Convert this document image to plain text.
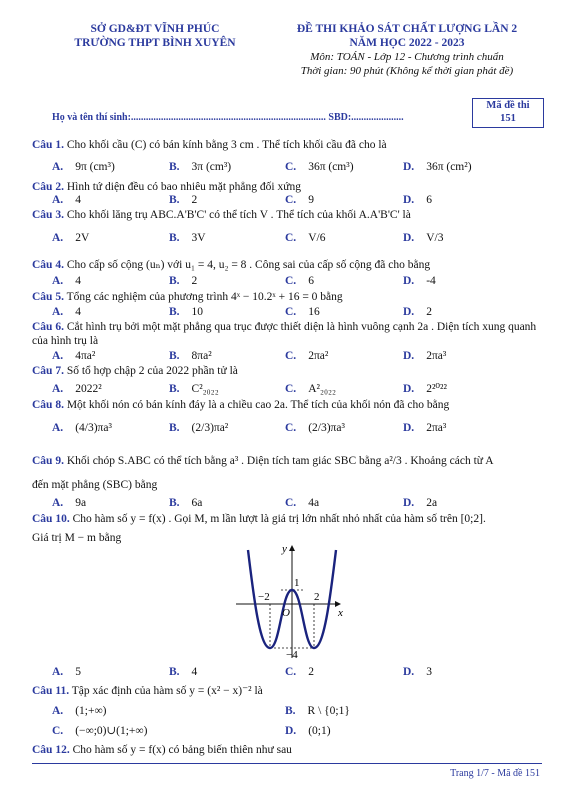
SỞ GD&ĐT VĨNH PHÚC
TRƯỜNG THPT BÌNH XUYÊN
ĐỀ THI KHẢO SÁT CHẤT LƯỢNG LẦN 2
NĂM HỌC 2022 - 2023
Môn: TOÁN - Lớp 12 - Chương trình chuẩn
Thời gian: 90 phút (Không kể thời gian phát đề)
Họ và tên thí sinh:.............................................................................. SBD:.....................
Mã đề thi
151
Câu 1. Cho khối cầu (C) có bán kính bằng 3 cm . Thể tích khối cầu đã cho là
A. 9π (cm³)	B. 3π (cm³)	C. 36π (cm³)	D. 36π (cm²)
Câu 2. Hình tứ diện đều có bao nhiêu mặt phẳng đối xứng
A. 4	B. 2	C. 9	D. 6
Câu 3. Cho khối lăng trụ ABC.A'B'C' có thể tích V . Thể tích của khối A.A'B'C' là
A. 2V	B. 3V	C. V/6	D. V/3
Câu 4. Cho cấp số cộng (uₙ) với u₁ = 4, u₂ = 8 . Công sai của cấp số cộng đã cho bằng
A. 4	B. 2	C. 6	D. -4
Câu 5. Tổng các nghiệm của phương trình 4ˣ − 10.2ˣ + 16 = 0 bằng
A. 4	B. 10	C. 16	D. 2
Câu 6. Cắt hình trụ bởi một mặt phẳng qua trục được thiết diện là hình vuông cạnh 2a . Diện tích xung quanh của hình trụ là
A. 4πa²	B. 8πa²	C. 2πa²	D. 2πa³
Câu 7. Số tổ hợp chập 2 của 2022 phần tử là
A. 2022²	B. C²₂₀₂₂	C. A²₂₀₂₂	D. 2²⁰²²
Câu 8. Một khối nón có bán kính đáy là a chiều cao 2a. Thể tích của khối nón đã cho bằng
A. (4/3)πa³	B. (2/3)πa²	C. (2/3)πa³	D. 2πa³
Câu 9. Khối chóp S.ABC có thể tích bằng a³ . Diện tích tam giác SBC bằng a²/3 . Khoảng cách từ A
đến mặt phẳng (SBC) bằng
A. 9a	B. 6a	C. 4a	D. 2a
Câu 10. Cho hàm số y = f(x) . Gọi M, m lần lượt là giá trị lớn nhất nhỏ nhất của hàm số trên [0;2].
Giá trị M − m bằng
y
x
O
−2	2
1
−4
A. 5	B. 4	C. 2	D. 3
Câu 11. Tập xác định của hàm số y = (x² − x)⁻² là
A. (1;+∞)	B. R \ {0;1}
C. (−∞;0)∪(1;+∞)	D. (0;1)
Câu 12. Cho hàm số y = f(x) có bảng biến thiên như sau
Trang 1/7 - Mã đề 151
